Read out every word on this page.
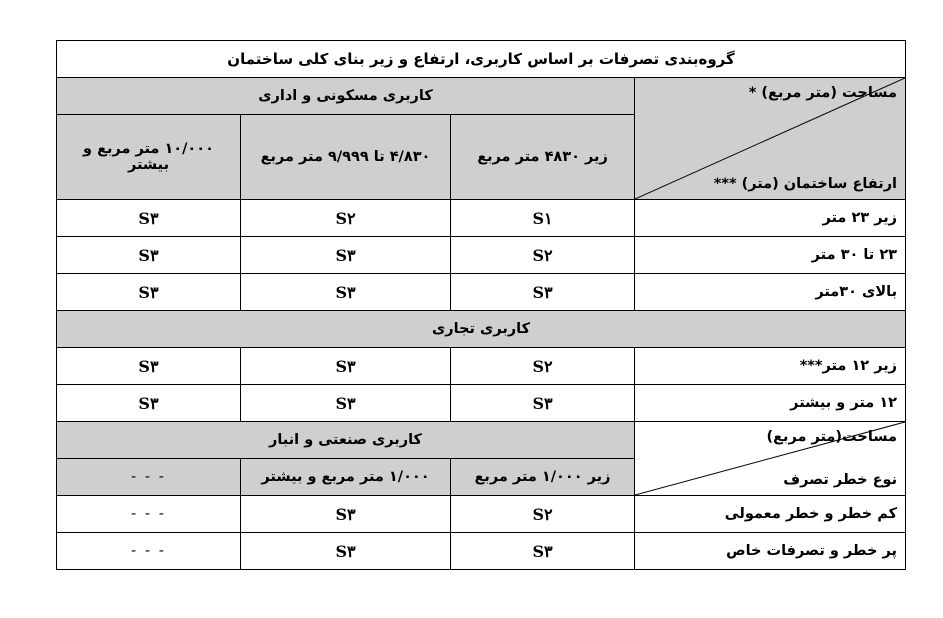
گروه‌بندی تصرفات بر اساس کاربری، ارتفاع و زیر بنای کلی ساختمان			

مساحت (متر مربع) *
ارتفاع ساختمان (متر) ***	کاربری مسکونی و اداری		
	زیر ۴۸۳۰ متر مربع	۴/۸۳۰ تا ۹/۹۹۹ متر مربع	۱۰/۰۰۰ متر مربع و بیشتر
زیر ۲۳ متر	S۱	S۲	S۳
۲۳ تا ۳۰ متر	S۲	S۳	S۳
بالای ۳۰متر	S۳	S۳	S۳
کاربری تجاری			
زیر ۱۲ متر***	S۲	S۳	S۳
۱۲ متر و بیشتر	S۳	S۳	S۳

مساحت(متر مربع)
نوع خطر تصرف	کاربری صنعتی و انبار		
	زیر ۱/۰۰۰ متر مربع	۱/۰۰۰ متر مربع و بیشتر	- - -
کم خطر و خطر معمولی	S۲	S۳	- - -
پر خطر و تصرفات خاص	S۳	S۳	- - -
